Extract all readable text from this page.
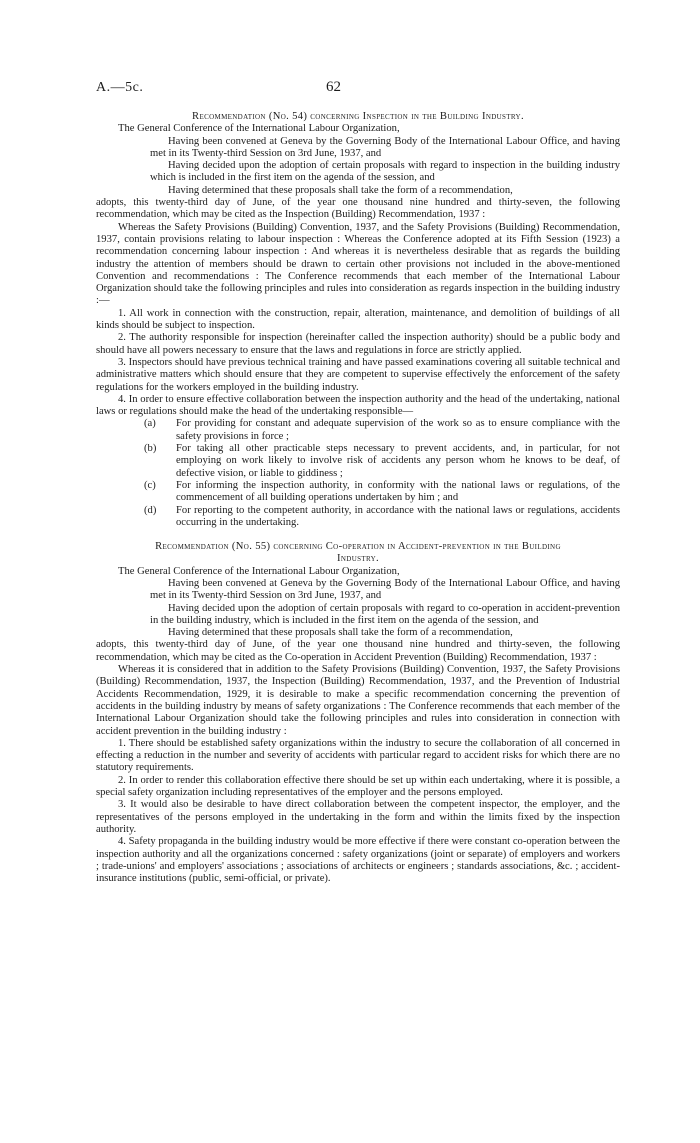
A.—5c.	62

Recommendation (No. 54) concerning Inspection in the Building Industry.

The General Conference of the International Labour Organization,

Having been convened at Geneva by the Governing Body of the International Labour Office, and having met in its Twenty-third Session on 3rd June, 1937, and

Having decided upon the adoption of certain proposals with regard to inspection in the building industry which is included in the first item on the agenda of the session, and

Having determined that these proposals shall take the form of a recommendation,

adopts, this twenty-third day of June, of the year one thousand nine hundred and thirty-seven, the following recommendation, which may be cited as the Inspection (Building) Recommendation, 1937 :

Whereas the Safety Provisions (Building) Convention, 1937, and the Safety Provisions (Building) Recommendation, 1937, contain provisions relating to labour inspection : Whereas the Conference adopted at its Fifth Session (1923) a recommendation concerning labour inspection : And whereas it is nevertheless desirable that as regards the building industry the attention of members should be drawn to certain other provisions not included in the above-mentioned Convention and recommendations : The Conference recommends that each member of the International Labour Organization should take the following principles and rules into consideration as regards inspection in the building industry :—

1. All work in connection with the construction, repair, alteration, maintenance, and demolition of buildings of all kinds should be subject to inspection.

2. The authority responsible for inspection (hereinafter called the inspection authority) should be a public body and should have all powers necessary to ensure that the laws and regulations in force are strictly applied.

3. Inspectors should have previous technical training and have passed examinations covering all suitable technical and administrative matters which should ensure that they are competent to supervise effectively the enforcement of the safety regulations for the workers employed in the building industry.

4. In order to ensure effective collaboration between the inspection authority and the head of the undertaking, national laws or regulations should make the head of the undertaking responsible—

(a) For providing for constant and adequate supervision of the work so as to ensure compliance with the safety provisions in force ;
(b) For taking all other practicable steps necessary to prevent accidents, and, in particular, for not employing on work likely to involve risk of accidents any person whom he knows to be deaf, of defective vision, or liable to giddiness ;
(c) For informing the inspection authority, in conformity with the national laws or regulations, of the commencement of all building operations undertaken by him ; and
(d) For reporting to the competent authority, in accordance with the national laws or regulations, accidents occurring in the undertaking.

Recommendation (No. 55) concerning Co-operation in Accident-prevention in the Building
Industry.

The General Conference of the International Labour Organization,

Having been convened at Geneva by the Governing Body of the International Labour Office, and having met in its Twenty-third Session on 3rd June, 1937, and

Having decided upon the adoption of certain proposals with regard to co-operation in accident-prevention in the building industry, which is included in the first item on the agenda of the session, and

Having determined that these proposals shall take the form of a recommendation,

adopts, this twenty-third day of June, of the year one thousand nine hundred and thirty-seven, the following recommendation, which may be cited as the Co-operation in Accident Prevention (Building) Recommendation, 1937 :

Whereas it is considered that in addition to the Safety Provisions (Building) Convention, 1937, the Safety Provisions (Building) Recommendation, 1937, the Inspection (Building) Recommendation, 1937, and the Prevention of Industrial Accidents Recommendation, 1929, it is desirable to make a specific recommendation concerning the prevention of accidents in the building industry by means of safety organizations : The Conference recommends that each member of the International Labour Organization should take the following principles and rules into consideration in connection with accident prevention in the building industry :

1. There should be established safety organizations within the industry to secure the collaboration of all concerned in effecting a reduction in the number and severity of accidents with particular regard to accident risks for which there are no statutory requirements.

2. In order to render this collaboration effective there should be set up within each undertaking, where it is possible, a special safety organization including representatives of the employer and the persons employed.

3. It would also be desirable to have direct collaboration between the competent inspector, the employer, and the representatives of the persons employed in the undertaking in the form and within the limits fixed by the inspection authority.

4. Safety propaganda in the building industry would be more effective if there were constant co-operation between the inspection authority and all the organizations concerned : safety organizations (joint or separate) of employers and workers ; trade-unions' and employers' associations ; associations of architects or engineers ; standards associations, &c. ; accident-insurance institutions (public, semi-official, or private).
